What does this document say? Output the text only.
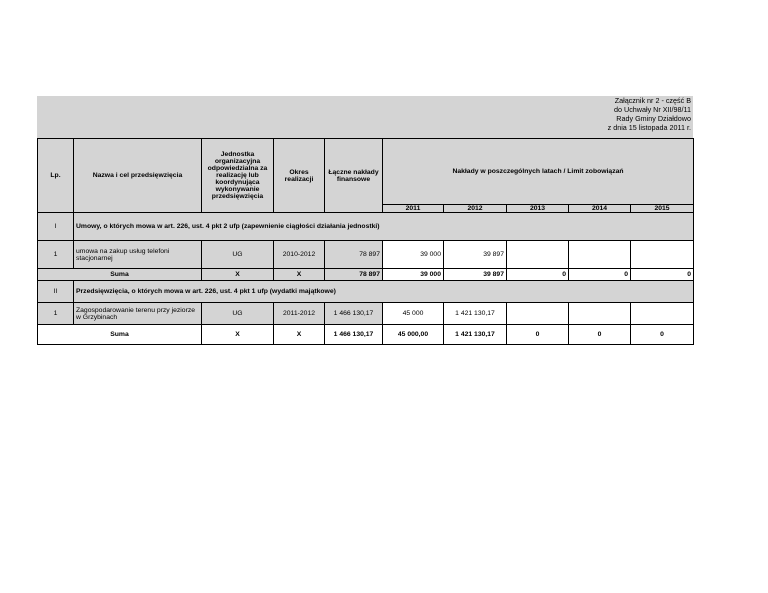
Załącznik nr 2 - część B
do Uchwały Nr XII/98/11
Rady Gminy Działdowo
z dnia 15 listopada 2011 r.
Lp.	Nazwa i cel przedsięwzięcia	Jednostka organizacyjna odpowiedzialna za realizację lub koordynująca wykonywanie przedsięwzięcia	Okres realizacji	Łączne nakłady finansowe	Nakłady w poszczególnych latach / Limit zobowiązań				
					2011	2012	2013	2014	2015
I	Umowy, o których mowa w art. 226, ust. 4 pkt 2 ufp (zapewnienie ciągłości działania jednostki)								
1	umowa na zakup usług telefoni stacjonarnej	UG	2010-2012	78 897	39 000	39 897			
Suma		X	X	78 897	39 000	39 897	0	0	0
II	Przedsięwzięcia, o których mowa w art. 226, ust. 4 pkt 1 ufp (wydatki majątkowe)								
1	Zagospodarowanie terenu przy jeziorze w Grzybinach	UG	2011-2012	1 466 130,17	45 000	1 421 130,17			
Suma		X	X	1 466 130,17	45 000,00	1 421 130,17	0	0	0
